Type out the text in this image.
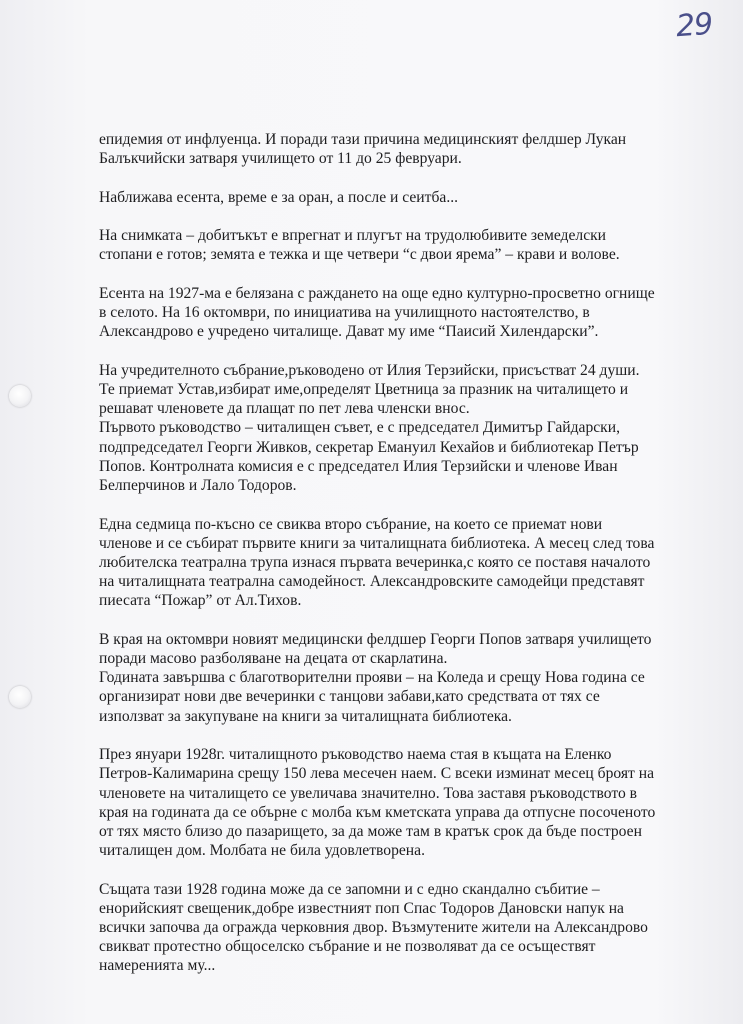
29

епидемия от инфлуенца. И поради тази причина медицинският фелдшер Лукан
Балъкчийски затваря училището от 11 до 25 февруари.

Наближава есента, време е за оран, а после и сеитба...

На снимката – добитъкът е впрегнат и плугът на трудолюбивите земеделски
стопани е готов; земята е тежка и ще четвери “с двои ярема” – крави и волове.

Есента на 1927-ма е белязана с раждането на още едно културно-просветно огнище
в селото. На 16 октомври, по инициатива на училищното настоятелство, в
Александрово е учредено читалище. Дават му име “Паисий Хилендарски”.

На учредителното събрание,ръководено от Илия Терзийски, присъстват 24 души.
Те приемат Устав,избират име,определят Цветница за празник на читалището и
решават членовете да плащат по пет лева членски внос.
Първото ръководство – читалищен съвет, е с председател Димитър Гайдарски,
подпредседател Георги Живков, секретар Емануил Кехайов и библиотекар Петър
Попов. Контролната комисия е с председател Илия Терзийски и членове Иван
Белперчинов и Лало Тодоров.

Една седмица по-късно се свиква второ събрание, на което се приемат нови
членове и се събират първите книги за читалищната библиотека. А месец след това
любителска театрална трупа изнася първата вечеринка,с която се поставя началото
на читалищната театрална самодейност. Александровските самодейци представят
пиесата “Пожар” от Ал.Тихов.

В края на октомври новият медицински фелдшер Георги Попов затваря училището
поради масово разболяване на децата от скарлатина.
Годината завършва с благотворителни прояви – на Коледа и срещу Нова година се
организират нови две вечеринки с танцови забави,като средствата от тях се
използват за закупуване на книги за читалищната библиотека.

През януари 1928г. читалищното ръководство наема стая в къщата на Еленко
Петров-Калимарина срещу 150 лева месечен наем. С всеки изминат месец броят на
членовете на читалището се увеличава значително. Това заставя ръководството в
края на годината да се обърне с молба към кметската управа да отпусне посоченото
от тях място близо до пазарището, за да може там в кратък срок да бъде построен
читалищен дом. Молбата не била удовлетворена.

Същата тази 1928 година може да се запомни и с едно скандално събитие –
енорийският свещеник,добре известният поп Спас Тодоров Дановски напук на
всички започва да огражда черковния двор. Възмутените жители на Александрово
свикват протестно общоселско събрание и не позволяват да се осъществят
намеренията му...
